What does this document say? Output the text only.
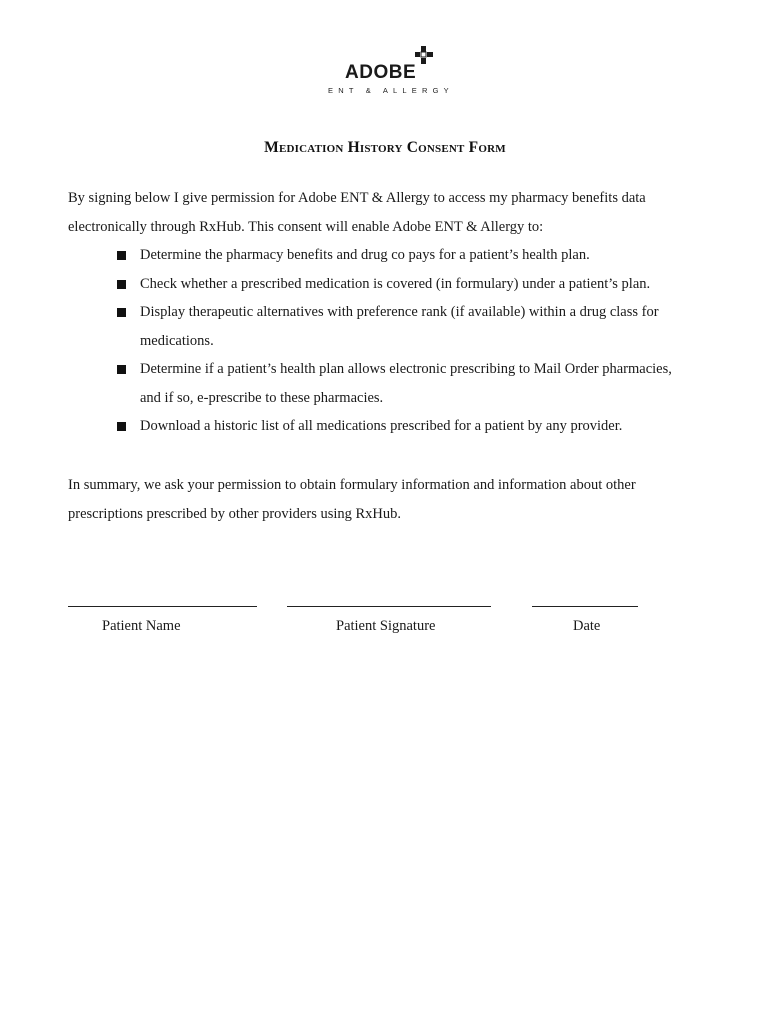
ADOBE
ENT & ALLERGY
Medication History Consent Form

By signing below I give permission for Adobe ENT & Allergy to access my pharmacy benefits data

electronically through RxHub. This consent will enable Adobe ENT & Allergy to:

Determine the pharmacy benefits and drug co pays for a patient’s health plan.
Check whether a prescribed medication is covered (in formulary) under a patient’s plan.
Display therapeutic alternatives with preference rank (if available) within a drug class for
medications.
Determine if a patient’s health plan allows electronic prescribing to Mail Order pharmacies,
and if so, e-prescribe to these pharmacies.
Download a historic list of all medications prescribed for a patient by any provider.

In summary, we ask your permission to obtain formulary information and information about other

prescriptions prescribed by other providers using RxHub.

Patient Name	Patient Signature	Date
